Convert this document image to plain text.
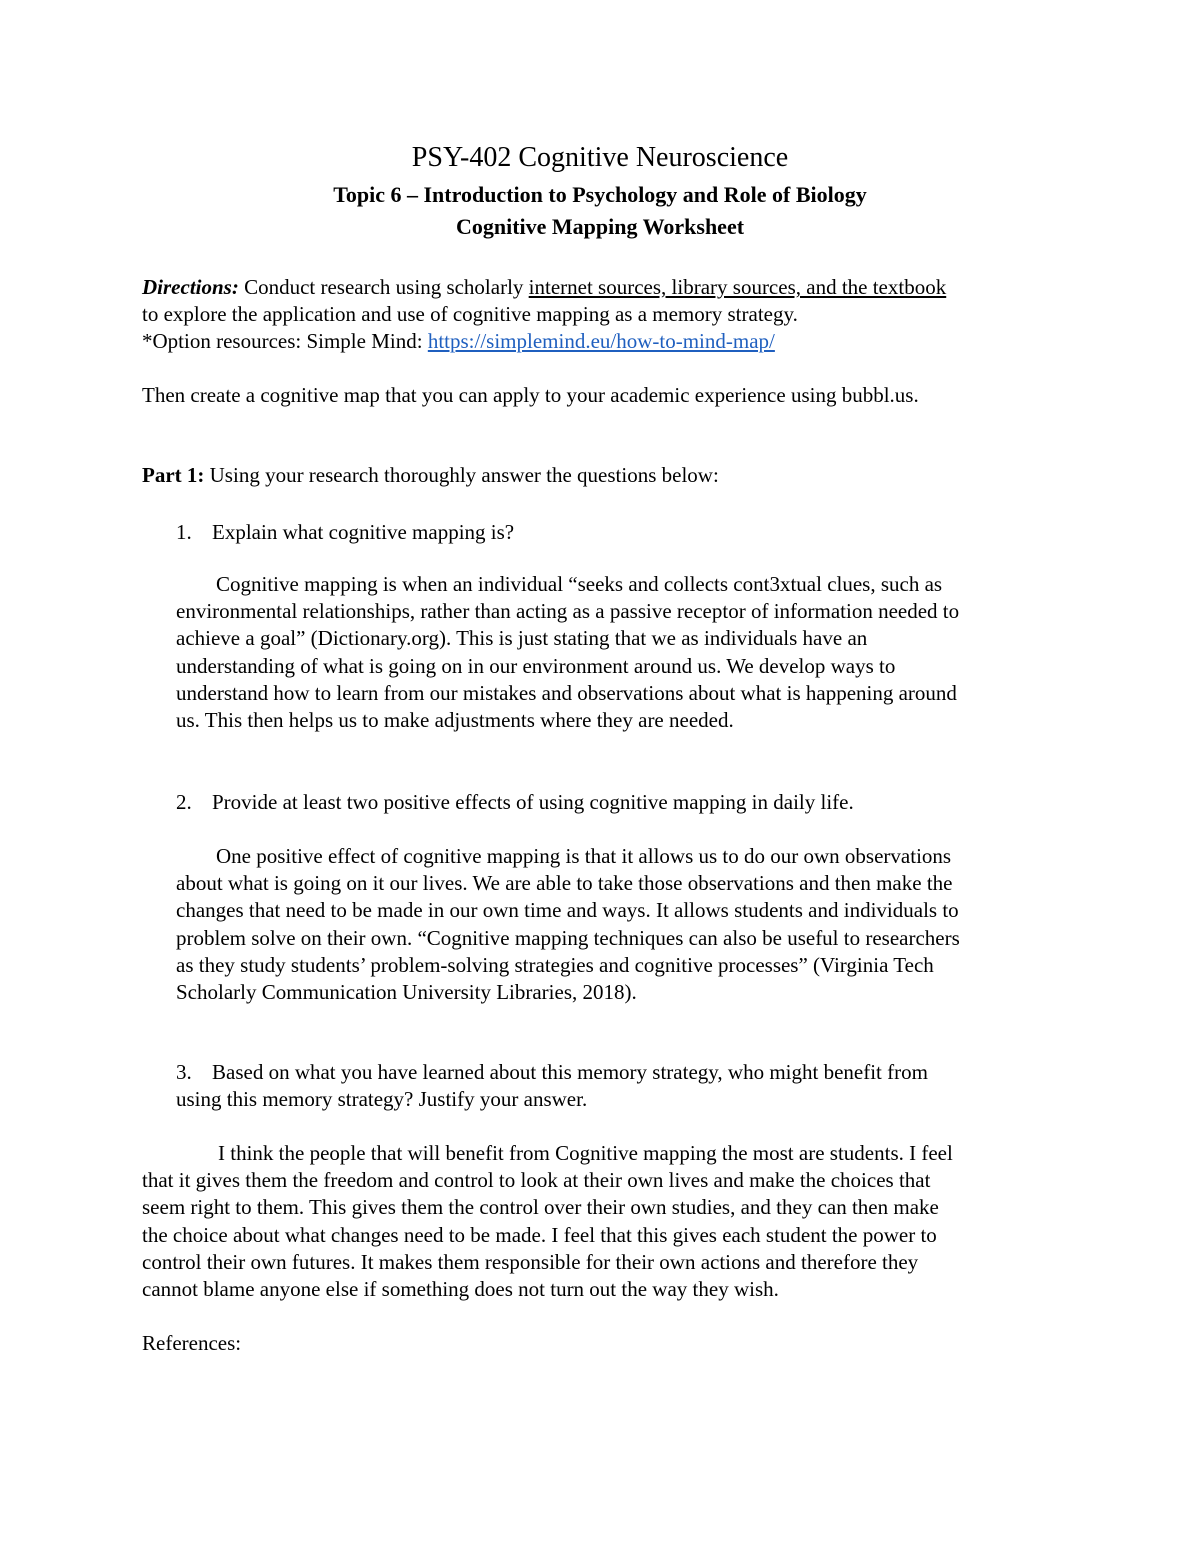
PSY-402 Cognitive Neuroscience
Topic 6 – Introduction to Psychology and Role of Biology
Cognitive Mapping Worksheet
Directions: Conduct research using scholarly internet sources, library sources, and the textbook
to explore the application and use of cognitive mapping as a memory strategy.
*Option resources: Simple Mind: https://simplemind.eu/how-to-mind-map/
Then create a cognitive map that you can apply to your academic experience using bubbl.us.
Part 1: Using your research thoroughly answer the questions below:
1. Explain what cognitive mapping is?

Cognitive mapping is when an individual “seeks and collects cont3xtual clues, such as

environmental relationships, rather than acting as a passive receptor of information needed to

achieve a goal” (Dictionary.org). This is just stating that we as individuals have an

understanding of what is going on in our environment around us. We develop ways to

understand how to learn from our mistakes and observations about what is happening around

us. This then helps us to make adjustments where they are needed.

2. Provide at least two positive effects of using cognitive mapping in daily life.

One positive effect of cognitive mapping is that it allows us to do our own observations

about what is going on it our lives. We are able to take those observations and then make the

changes that need to be made in our own time and ways. It allows students and individuals to

problem solve on their own. “Cognitive mapping techniques can also be useful to researchers

as they study students’ problem-solving strategies and cognitive processes” (Virginia Tech

Scholarly Communication University Libraries, 2018).

3. Based on what you have learned about this memory strategy, who might benefit from
using this memory strategy? Justify your answer.

I think the people that will benefit from Cognitive mapping the most are students. I feel

that it gives them the freedom and control to look at their own lives and make the choices that

seem right to them. This gives them the control over their own studies, and they can then make

the choice about what changes need to be made. I feel that this gives each student the power to

control their own futures. It makes them responsible for their own actions and therefore they

cannot blame anyone else if something does not turn out the way they wish.

References:
